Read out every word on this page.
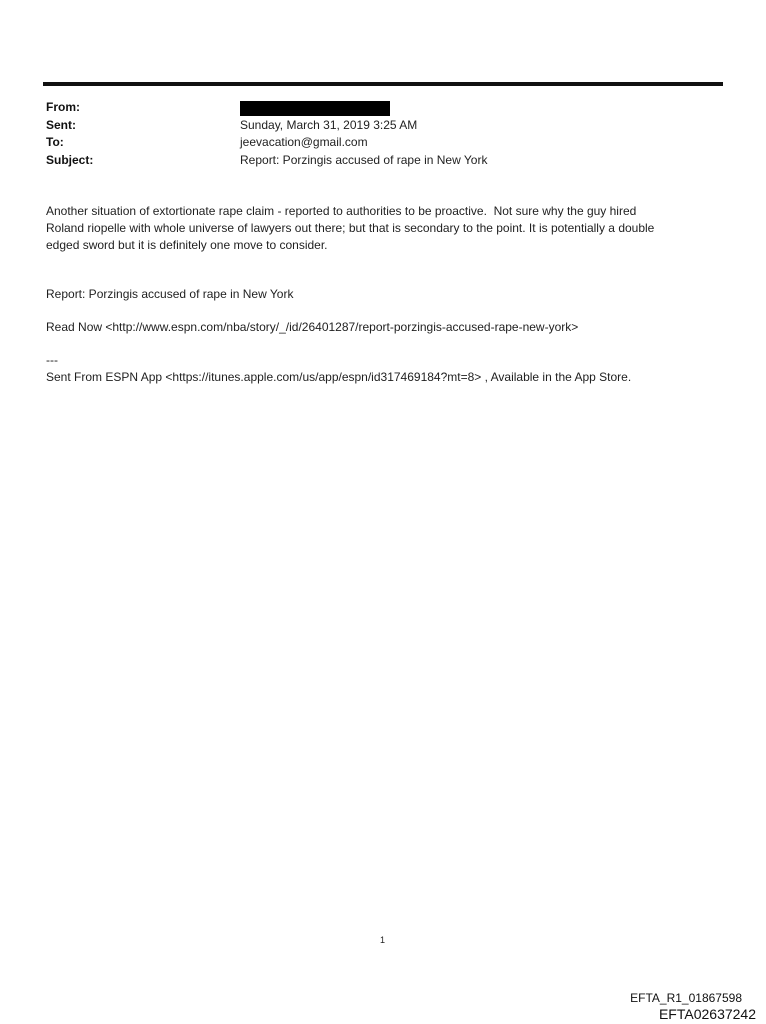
From:
Sent:	Sunday, March 31, 2019 3:25 AM
To:	jeevacation@gmail.com
Subject:	Report: Porzingis accused of rape in New York

Another situation of extortionate rape claim - reported to authorities to be proactive.  Not sure why the guy hired
Roland riopelle with whole universe of lawyers out there; but that is secondary to the point. It is potentially a double
edged sword but it is definitely one move to consider.

Report: Porzingis accused of rape in New York
Read Now <http://www.espn.com/nba/story/_/id/26401287/report-porzingis-accused-rape-new-york>
---
Sent From ESPN App <https://itunes.apple.com/us/app/espn/id317469184?mt=8> , Available in the App Store.
1
EFTA_R1_01867598
EFTA02637242
